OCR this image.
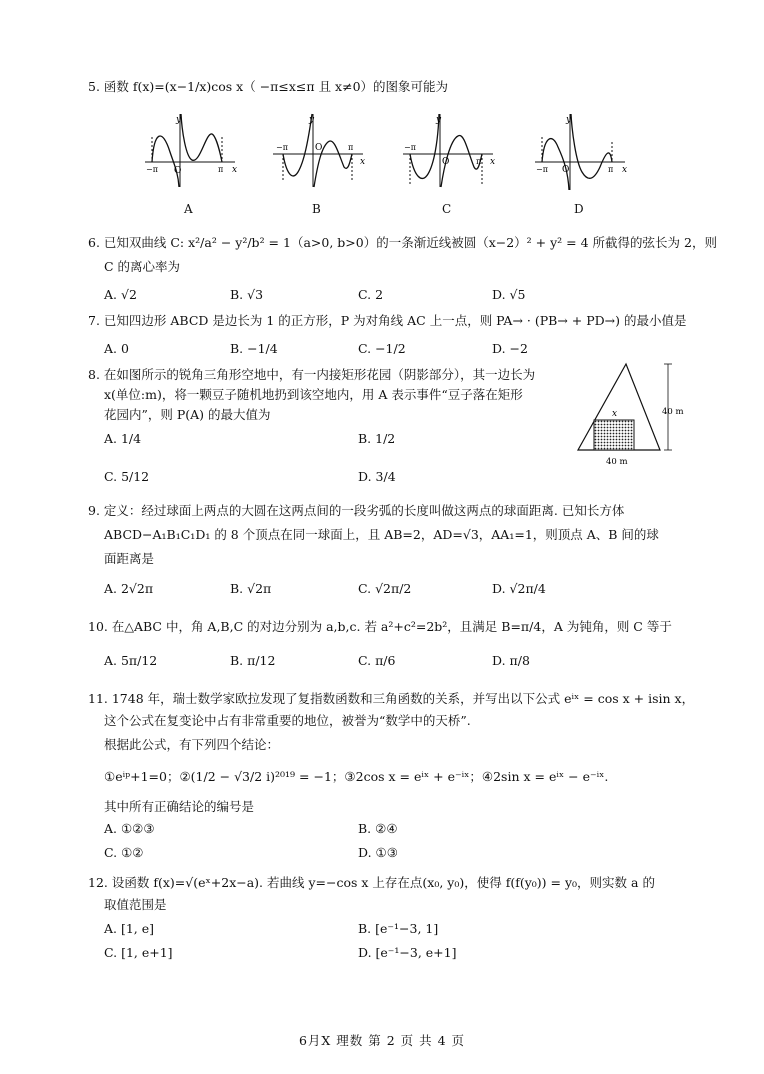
5. 函数 f(x)=(x−1/x)cos x（ −π≤x≤π 且 x≠0）的图象可能为
y
x
O
−π	π
A
y
x
O
−π	π
B
y
x
O
−π
π
C
y
x
O
−π	π
D
6. 已知双曲线 C: x²/a² − y²/b² = 1（a>0, b>0）的一条渐近线被圆（x−2）² + y² = 4 所截得的弦长为 2，则
C 的离心率为
A. √2	B. √3	C. 2	D. √5
7. 已知四边形 ABCD 是边长为 1 的正方形，P 为对角线 AC 上一点，则 PA→ · (PB→ + PD→) 的最小值是
A. 0	B. −1/4	C. −1/2	D. −2
8. 在如图所示的锐角三角形空地中，有一内接矩形花园（阴影部分），其一边长为
x(单位:m)，将一颗豆子随机地扔到该空地内，用 A 表示事件“豆子落在矩形
花园内”，则 P(A) 的最大值为
A. 1/4	B. 1/2
C. 5/12	D. 3/4
x	40 m
40 m
9. 定义：经过球面上两点的大圆在这两点间的一段劣弧的长度叫做这两点的球面距离. 已知长方体
ABCD−A₁B₁C₁D₁ 的 8 个顶点在同一球面上，且 AB=2，AD=√3，AA₁=1，则顶点 A、B 间的球
面距离是
A. 2√2π	B. √2π	C. √2π/2	D. √2π/4
10. 在△ABC 中，角 A,B,C 的对边分别为 a,b,c. 若 a²+c²=2b²，且满足 B=π/4，A 为钝角，则 C 等于
A. 5π/12	B. π/12	C. π/6	D. π/8
11. 1748 年，瑞士数学家欧拉发现了复指数函数和三角函数的关系，并写出以下公式 eⁱˣ = cos x + isin x，
这个公式在复变论中占有非常重要的地位，被誉为“数学中的天桥”.
根据此公式，有下列四个结论：
①eⁱᵖ+1=0；②(1/2 − √3/2 i)²⁰¹⁹ = −1；③2cos x = eⁱˣ + e⁻ⁱˣ；④2sin x = eⁱˣ − e⁻ⁱˣ.
其中所有正确结论的编号是
A. ①②③	B. ②④
C. ①②	D. ①③
12. 设函数 f(x)=√(eˣ+2x−a). 若曲线 y=−cos x 上存在点(x₀, y₀)，使得 f(f(y₀)) = y₀，则实数 a 的
取值范围是
A. [1, e]	B. [e⁻¹−3, 1]
C. [1, e+1]	D. [e⁻¹−3, e+1]
6月X 理数 第 2 页 共 4 页
